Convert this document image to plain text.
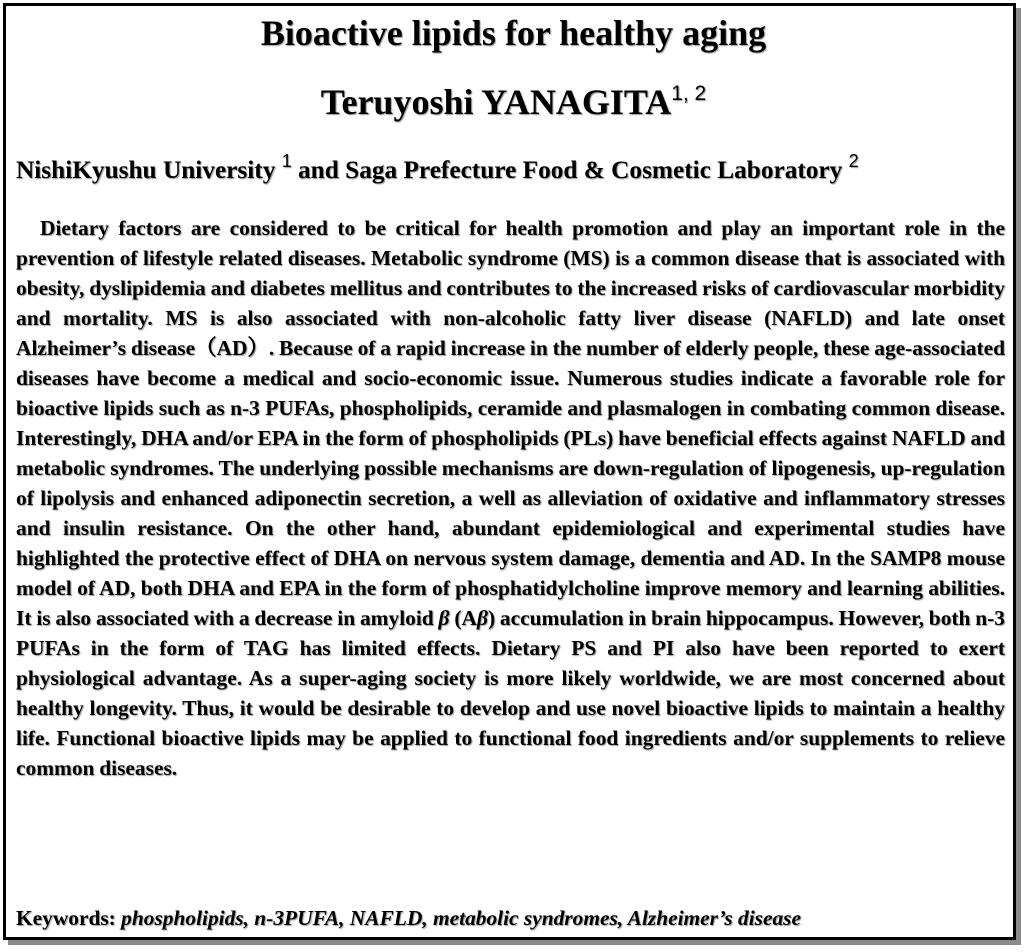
Bioactive lipids for healthy aging
Teruyoshi YANAGITA$^{1, 2}$
NishiKyushu University $^1$ and Saga Prefecture Food & Cosmetic Laboratory $^2$

Dietary factors are considered to be critical for health promotion and play an important role in the prevention of lifestyle related diseases. Metabolic syndrome (MS) is a common disease that is associated with obesity, dyslipidemia and diabetes mellitus and contributes to the increased risks of cardiovascular morbidity and mortality. MS is also associated with non-alcoholic fatty liver disease (NAFLD) and late onset Alzheimer’s disease（AD）. Because of a rapid increase in the number of elderly people, these age-associated diseases have become a medical and socio-economic issue. Numerous studies indicate a favorable role for bioactive lipids such as n-3 PUFAs, phospholipids, ceramide and plasmalogen in combating common disease. Interestingly, DHA and/or EPA in the form of phospholipids (PLs) have beneficial effects against NAFLD and metabolic syndromes. The underlying possible mechanisms are down-regulation of lipogenesis, up-regulation of lipolysis and enhanced adiponectin secretion, a well as alleviation of oxidative and inflammatory stresses and insulin resistance. On the other hand, abundant epidemiological and experimental studies have highlighted the protective effect of DHA on nervous system damage, dementia and AD. In the SAMP8 mouse model of AD, both DHA and EPA in the form of phosphatidylcholine improve memory and learning abilities. It is also associated with a decrease in amyloid β (Aβ) accumulation in brain hippocampus. However, both n-3 PUFAs in the form of TAG has limited effects. Dietary PS and PI also have been reported to exert physiological advantage. As a super-aging society is more likely worldwide, we are most concerned about healthy longevity. Thus, it would be desirable to develop and use novel bioactive lipids to maintain a healthy life. Functional bioactive lipids may be applied to functional food ingredients and/or supplements to relieve common diseases.

Keywords: phospholipids, n-3PUFA, NAFLD, metabolic syndromes, Alzheimer’s disease
